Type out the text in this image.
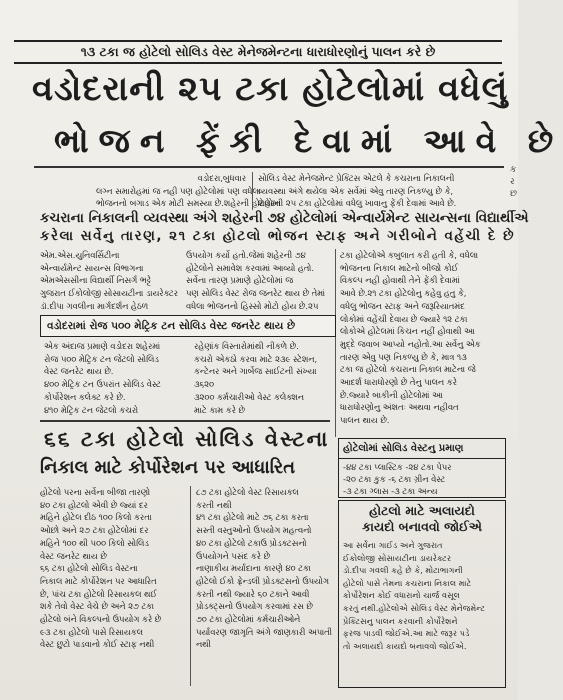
૧૩ ટકા જ હોટેલો સોલિડ વેસ્ટ મેનેજમેન્ટના ધારાધોરણોનું પાલન કરે છે
વડોદરાની ૨૫ ટકા હોટેલોમાં વધેલું
ભોજન ફેંકી દેવામાં આવે છે
વડોદરા,બુધવાર
લગ્ન સમારોહમાં જ નહી પણ હોટેલોમાં પણ વધેલા
ભોજનનો બગાડ એક મોટી સમસ્યા છે.શહેરની હોટેલોમાં
સોલિડ વેસ્ટ મેનેજમેન્ટ પ્રેક્ટિસ એટલે કે કચરાના નિકાલની
વ્યવસ્થા અંગે થયેલા એક સર્વેમાં એવુ તારણ નિકળ્યુ છે કે,
શહેરની ૨૫ ટકા હોટેલોમાં વધેલુ ખાવાનુ ફેંકી દેવામાં આવે છે.
કચરાના નિકાલની વ્યવસ્થા અંગે શહેરની ૭૪ હોટેલોમાં એન્વાર્યમેન્ટ સાયન્સના વિદ્યાર્થીએ
કરેલા સર્વેનુ તારણ, ૨૧ ટકા હોટલો ભોજન સ્ટાફ અને ગરીબોને વહેંચી દે છે
એમ.એસ.યુનિવર્સિટીના
એન્વાર્યમેન્ટ સાયન્સ વિભાગના
એમએસસીના વિદ્યાર્થી નિસર્ગ ભટ્ટે
ગુજરાત ઈકોલોજી સોસાયટીના ડાયરેક્ટર
ડૉ.દીપા ગવલીના માર્ગદર્શન હેઠળ
ઉપયોગ કર્યો હતો.જેમાં શહેરની ૭૪
હોટેલોને સમાવેશ કરવામાં આવ્યો હતો.
સર્વેના તારણ પ્રમાણે હોટેલોમાં જ
પણ સોલિડ વેસ્ટ રોજ જનરેટ થાય છે તેમાં
વધેલા ભોજનનો હિસ્સો મોટો હોય છે.૨૫
ટકા હોટેલોએ કબુલાત કરી હતી કે, વધેલા
ભોજનના નિકાલ માટેનો બીજો કોઈ
વિકલ્પ નહી હોવાથી તેને ફેંકી દેવામાં
આવે છે.૨૧ ટકા હોટેલોનુ કહેવુ હતુ કે,
વધેલુ ભોજન સ્ટાફ અને જરૂરિયાતમંદ
લોકોમાં વહેંચી દેવાય છે જ્યારે ૧૨ ટકા
લોકોએ હોટેલમાં કિચન નહીં હોવાથી આ
મુદ્દે જવાબ આપ્યો નહોતો.આ સર્વેનુ એક
તારણ એવુ પણ નિકળ્યુ છે કે, માત્ર ૧૩
ટકા જ હોટેલો કચરાના નિકાલ માટેના જે
આદર્શ ધારાધોરણો છે તેનુ પાલન કરે
છે.જ્યારે બાકીની હોટેલોમાં આ
ધારાધોરણોનુ અંશતઃ અથવા નહીવત
પાલન થાય છે.
વડોદરામાં રોજ ૫૦૦ મેટ્રિક ટન સોલિડ વેસ્ટ જનરેટ થાય છે
એક અંદાજ પ્રમાણે વડોદરા શહેરમાં
રોજ ૫૦૦ મેટ્રિક ટન જેટલો સોલિડ
વેસ્ટ જનરેટ થાય છે.
૪૦૦ મેટ્રિક ટન ઉપરાંત સોલિડ વેસ્ટ
કોર્પોરેશન કલેક્ટ કરે છે.
૪૧૦ મેટ્રિક ટન જેટલો કચરો
રહેણાંક વિસ્તારોમાંથી નીકળે છે.
કચરો એકઠો કરવા માટે ૨૩૯ સ્ટેશન,
કન્ટેનર અને ગાર્બેજ સાઈટની સંખ્યા
૩૬૨૦
૩૨૦૦ કર્મચારીઓ વેસ્ટ કલેક્શન
માટે કામ કરે છે
૬૬ ટકા હોટેલો સોલિડ વેસ્ટના
નિકાલ માટે કોર્પોરેશન પર આધારિત
હોટેલો પરના સર્વેના બીજા તારણો
૪૦ ટકા હોટલો એવી છે જ્યાં દર
મહિને હોટેલ દીઠ ૧૦૦ કિલો કરતા
ઓછો અને ૨૭ ટકા હોટેલોમાં દર
મહિને ૧૦૦ થી ૫૦૦ કિલો સોલિડ
વેસ્ટ જનરેટ થાય છે
૬૬ ટકા હોટેલો સોલિડ વેસ્ટના
નિકાલ માટે કોર્પોરેશન પર આધારિત
છે, પાંચ ટકા હોટેલો રિસાયકલ થઈ
શકે તેવો વેસ્ટ વેચે છે અને ૨૭ ટકા
હોટેલો બંને વિકલ્પનો ઉપયોગ કરે છે
૯૩ ટકા હોટેલો પાસે રિસાયકલ
વેસ્ટ છુટો પાડવાનો કોઈ સ્ટાફ નથી
૮૭ ટકા હોટેલો વેસ્ટ રિસાયકલ
કરતી નથી
૪૧ ટકા હોટેલો માટે ૭૬ ટકા કરતા
સસ્તી વસ્તુઓનો ઉપયોગ મહત્વનો
૪૦ ટકા હોટેલો ટકાઉ પ્રોડક્ટસનો
ઉપયોગને પસંદ કરે છે
નાણાકીય મર્યાદાના કારણે ૪૦ ટકા
હોટેલો ઈકો ફ્રેન્ડલી પ્રોડક્ટસનો ઉપયોગ
કરતી નથી જ્યારે ૬૦ ટકાને આવી
પ્રોડક્ટ્સનો ઉપયોગ કરવામાં રસ છે
૭૦ ટકા હોટેલોમાં કર્મચારીઓને
પર્યાવરણ જાગૃતિ અંગે જાણકારી અપાતી
નથી
હોટેલોમાં સોલિડ વેસ્ટનુ પ્રમાણ
-૪૪ ટકા પ્લાસ્ટિક -૨૪ ટકા પેપર
-૨૦ ટકા કુક -૬ ટકા ગ્રીન વેસ્ટ
-૩ ટકા ગ્લાસ -૩ ટકા અન્ય
હોટલો માટે અલાયદો
કાયદો બનાવવો જોઈએ
આ સર્વેના ગાઈડ અને ગુજરાત
ઈકોલોજી સોસાયટીના ડાયરેક્ટર
ડો.દીપા ગવલી કહે છે કે, મોટાભાગની
હોટેલો પાસે તેમના કચરાના નિકાલ માટે
કોર્પોરેશન કોઈ વધારાનો ચાર્જ વસૂલ
કરતું નથી.હોટેલોએ સોલિડ વેસ્ટ મેનેજમેન્ટ
પ્રેક્ટિસનુ પાલન કરવાની કોર્પોરેશને
ફરજ પાડવી જોઈએ.આ માટે જરૂર પડે
તો અલાયદો કાયદો બનાવવો જોઈએ.
ક
ર
છ
